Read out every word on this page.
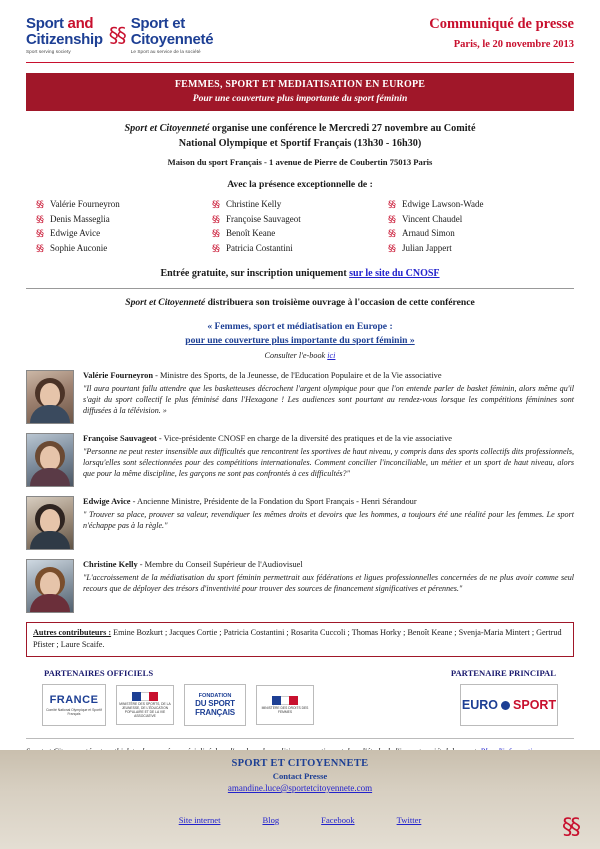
Sport and
Citizenship
Sport serving society
§§ Sport et
Citoyenneté
Le Sport au service de la société
Communiqué de presse
Paris, le 20 novembre 2013
FEMMES, SPORT ET MEDIATISATION EN EUROPE
Pour une couverture plus importante du sport féminin
Sport et Citoyenneté organise une conférence le Mercredi 27 novembre au Comité
National Olympique et Sportif Français (13h30 - 16h30)
Maison du sport Français - 1 avenue de Pierre de Coubertin 75013 Paris
Avec la présence exceptionnelle de :
§§ Valérie Fourneyron
§§ Denis Masseglia
§§ Edwige Avice
§§ Sophie Auconie
§§ Christine Kelly
§§ Françoise Sauvageot
§§ Benoît Keane
§§ Patricia Costantini
§§ Edwige Lawson-Wade
§§ Vincent Chaudel
§§ Arnaud Simon
§§ Julian Jappert
Entrée gratuite, sur inscription uniquement sur le site du CNOSF
Sport et Citoyenneté distribuera son troisième ouvrage à l'occasion de cette conférence
« Femmes, sport et médiatisation en Europe :
pour une couverture plus importante du sport féminin »
Consulter l'e-book ici
Valérie Fourneyron - Ministre des Sports, de la Jeunesse, de l'Education Populaire et de la Vie associative
"Il aura pourtant fallu attendre que les basketteuses décrochent l'argent olympique pour que l'on entende parler de basket féminin, alors même qu'il s'agit du sport collectif le plus féminisé dans l'Hexagone ! Les audiences sont pourtant au rendez-vous lorsque les compétitions féminines sont diffusées à la télévision. »
Françoise Sauvageot - Vice-présidente CNOSF en charge de la diversité des pratiques et de la vie associative
"Personne ne peut rester insensible aux difficultés que rencontrent les sportives de haut niveau, y compris dans des sports collectifs dits professionnels, lorsqu'elles sont sélectionnées pour des compétitions internationales. Comment concilier l'inconciliable, un métier et un sport de haut niveau, alors que pour la même discipline, les garçons ne sont pas confrontés à ces difficultés?"
Edwige Avice - Ancienne Ministre, Présidente de la Fondation du Sport Français - Henri Sérandour
" Trouver sa place, prouver sa valeur, revendiquer les mêmes droits et devoirs que les hommes, a toujours été une réalité pour les femmes. Le sport n'échappe pas à la règle."
Christine Kelly - Membre du Conseil Supérieur de l'Audiovisuel
"L'accroissement de la médiatisation du sport féminin permettrait aux fédérations et ligues professionnelles concernées de ne plus avoir comme seul recours que de déployer des trésors d'inventivité pour trouver des sources de financement significatives et pérennes."
Autres contributeurs : Emine Bozkurt ; Jacques Cortie ; Patricia Costantini ; Rosarita Cuccoli ; Thomas Horky ; Benoît Keane ; Svenja-Maria Mintert ; Gertrud Pfister ; Laure Scaife.
PARTENAIRES OFFICIELS	PARTENAIRE PRINCIPAL
FRANCE
Comité National Olympique et Sportif Français
MINISTÈRE DES SPORTS, DE LA JEUNESSE, DE L'ÉDUCATION POPULAIRE ET DE LA VIE ASSOCIATIVE
FONDATION
DU SPORT FRANÇAIS
MINISTÈRE DES DROITS DES FEMMES	EURO SPORT
SPORT ET CITOYENNETE
Contact Presse
amandine.luce@sportetcitoyennete.com
Site internet	Blog	Facebook	Twitter	§§
